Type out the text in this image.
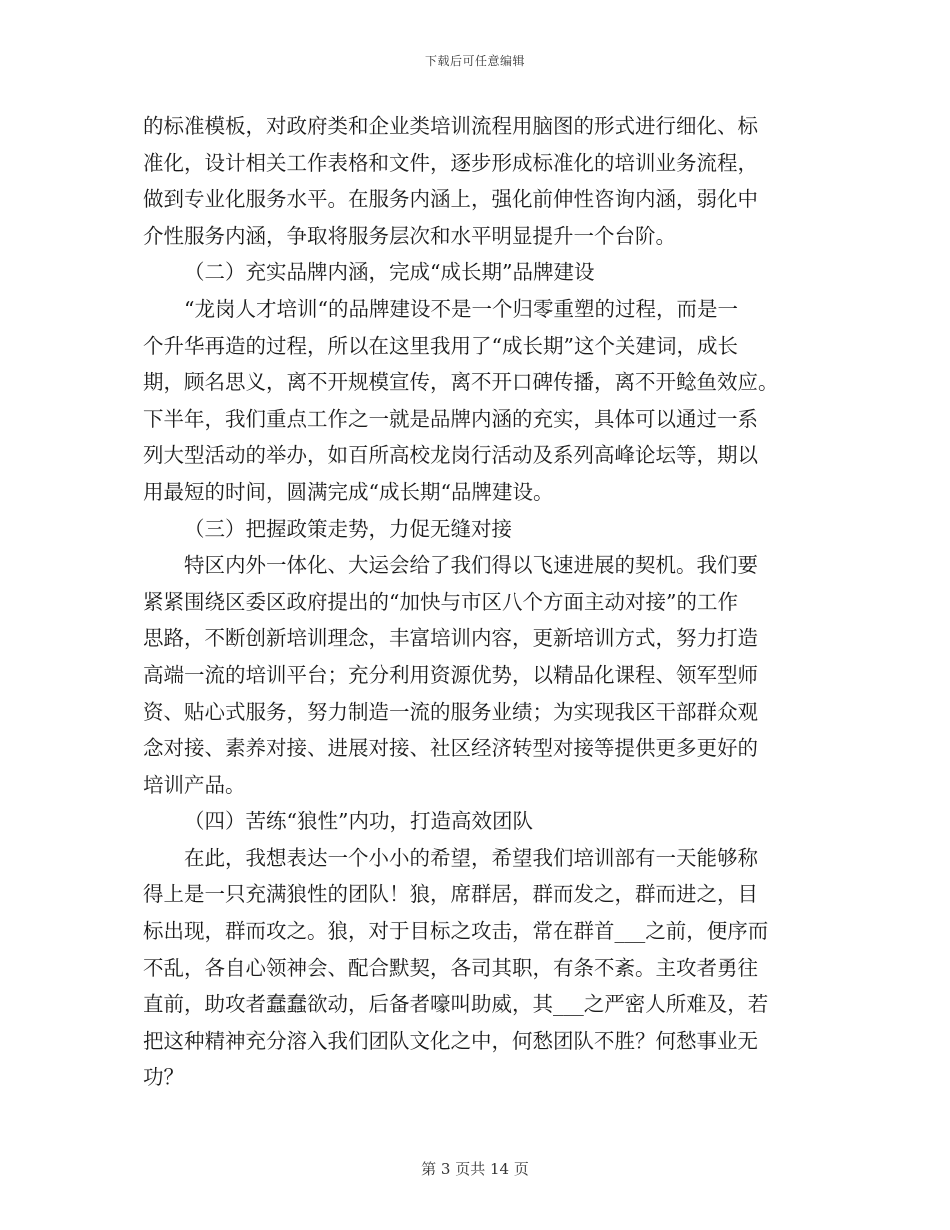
下载后可任意编辑
的标准模板，对政府类和企业类培训流程用脑图的形式进行细化、标
准化，设计相关工作表格和文件，逐步形成标准化的培训业务流程，
做到专业化服务水平。在服务内涵上，强化前伸性咨询内涵，弱化中
介性服务内涵，争取将服务层次和水平明显提升一个台阶。
（二）充实品牌内涵，完成“成长期”品牌建设
“龙岗人才培训“的品牌建设不是一个归零重塑的过程，而是一
个升华再造的过程，所以在这里我用了“成长期”这个关建词，成长
期，顾名思义，离不开规模宣传，离不开口碑传播，离不开鲶鱼效应。
下半年，我们重点工作之一就是品牌内涵的充实，具体可以通过一系
列大型活动的举办，如百所高校龙岗行活动及系列高峰论坛等，期以
用最短的时间，圆满完成“成长期“品牌建设。
（三）把握政策走势，力促无缝对接
特区内外一体化、大运会给了我们得以飞速进展的契机。我们要
紧紧围绕区委区政府提出的“加快与市区八个方面主动对接”的工作
思路，不断创新培训理念，丰富培训内容，更新培训方式，努力打造
高端一流的培训平台；充分利用资源优势，以精品化课程、领军型师
资、贴心式服务，努力制造一流的服务业绩；为实现我区干部群众观
念对接、素养对接、进展对接、社区经济转型对接等提供更多更好的
培训产品。
（四）苦练“狼性”内功，打造高效团队
在此，我想表达一个小小的希望，希望我们培训部有一天能够称
得上是一只充满狼性的团队！狼，席群居，群而发之，群而进之，目
标出现，群而攻之。狼，对于目标之攻击，常在群首___之前，便序而
不乱，各自心领神会、配合默契，各司其职，有条不紊。主攻者勇往
直前，助攻者蠢蠢欲动，后备者嚎叫助威，其___之严密人所难及，若
把这种精神充分溶入我们团队文化之中，何愁团队不胜？何愁事业无
功？
第 3 页共 14 页
